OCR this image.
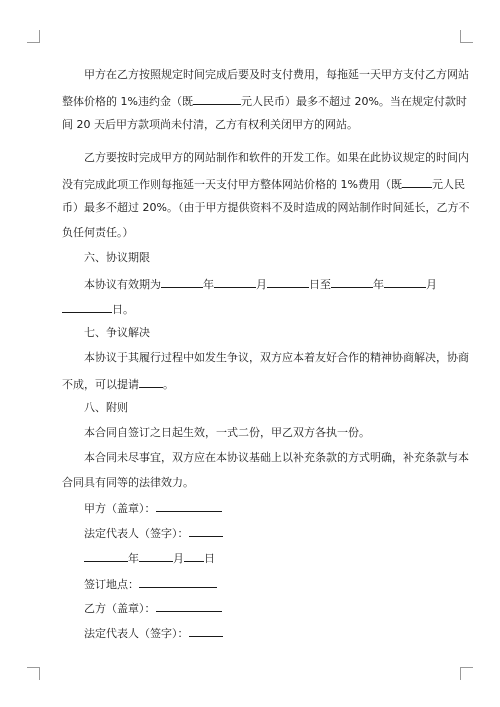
甲方在乙方按照规定时间完成后要及时支付费用，每拖延一天甲方支付乙方网站
整体价格的 1%违约金（既	元人民币）最多不超过 20%。当在规定付款时
间 20 天后甲方款项尚未付清，乙方有权利关闭甲方的网站。
乙方要按时完成甲方的网站制作和软件的开发工作。如果在此协议规定的时间内
没有完成此项工作则每拖延一天支付甲方整体网站价格的 1%费用（既	元人民
币）最多不超过 20%。（由于甲方提供资料不及时造成的网站制作时间延长，乙方不
负任何责任。）
六、协议期限
本协议有效期为	年	月	日至	年	月
日。
七、争议解决
本协议于其履行过程中如发生争议，双方应本着友好合作的精神协商解决，协商
不成，可以提请 。
八、附则
本合同自签订之日起生效，一式二份，甲乙双方各执一份。
本合同未尽事宜，双方应在本协议基础上以补充条款的方式明确，补充条款与本
合同具有同等的法律效力。
甲方（盖章）：
法定代表人（签字）：
年	月 日
签订地点：
乙方（盖章）：
法定代表人（签字）：
